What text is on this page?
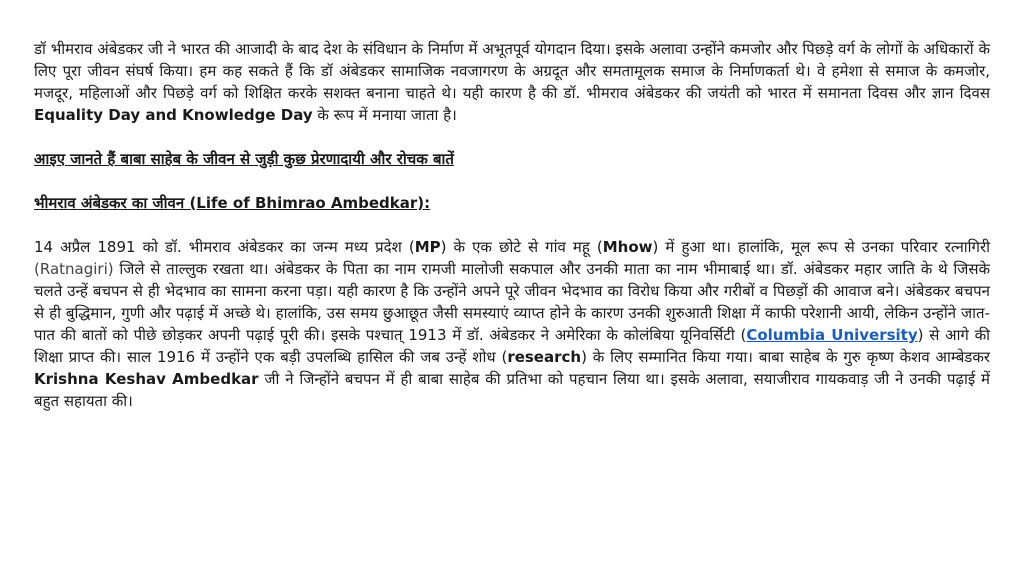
डॉ भीमराव अंबेडकर जी ने भारत की आजादी के बाद देश के संविधान के निर्माण में अभूतपूर्व योगदान दिया। इसके अलावा उन्होंने कमजोर और पिछड़े वर्ग के लोगों के अधिकारों के लिए पूरा जीवन संघर्ष किया। हम कह सकते हैं कि डॉ अंबेडकर सामाजिक नवजागरण के अग्रदूत और समतामूलक समाज के निर्माणकर्ता थे। वे हमेशा से समाज के कमजोर, मजदूर, महिलाओं और पिछड़े वर्ग को शिक्षित करके सशक्त बनाना चाहते थे। यही कारण है की डॉ. भीमराव अंबेडकर की जयंती को भारत में समानता दिवस और ज्ञान दिवस Equality Day and Knowledge Day के रूप में मनाया जाता है।

आइए जानते हैं बाबा साहेब के जीवन से जुड़ी कुछ प्रेरणादायी और रोचक बातें

भीमराव अंबेडकर का जीवन (Life of Bhimrao Ambedkar):

14 अप्रैल 1891 को डॉ. भीमराव अंबेडकर का जन्म मध्य प्रदेश (MP) के एक छोटे से गांव महू (Mhow) में हुआ था। हालांकि, मूल रूप से उनका परिवार रत्नागिरी (Ratnagiri) जिले से ताल्लुक रखता था। अंबेडकर के पिता का नाम रामजी मालोजी सकपाल और उनकी माता का नाम भीमाबाई था। डॉ. अंबेडकर महार जाति के थे जिसके चलते उन्हें बचपन से ही भेदभाव का सामना करना पड़ा। यही कारण है कि उन्होंने अपने पूरे जीवन भेदभाव का विरोध किया और गरीबों व पिछड़ों की आवाज बने। अंबेडकर बचपन से ही बुद्धिमान, गुणी और पढ़ाई में अच्छे थे। हालांकि, उस समय छुआछूत जैसी समस्याएं व्याप्त होने के कारण उनकी शुरुआती शिक्षा में काफी परेशानी आयी, लेकिन उन्होंने जात-पात की बातों को पीछे छोड़कर अपनी पढ़ाई पूरी की। इसके पश्चात् 1913 में डॉ. अंबेडकर ने अमेरिका के कोलंबिया यूनिवर्सिटी (Columbia University) से आगे की शिक्षा प्राप्त की। साल 1916 में उन्होंने एक बड़ी उपलब्धि हासिल की जब उन्हें शोध (research) के लिए सम्मानित किया गया। बाबा साहेब के गुरु कृष्ण केशव आम्बेडकर Krishna Keshav Ambedkar जी ने जिन्होंने बचपन में ही बाबा साहेब की प्रतिभा को पहचान लिया था। इसके अलावा, सयाजीराव गायकवाड़ जी ने उनकी पढ़ाई में बहुत सहायता की।
